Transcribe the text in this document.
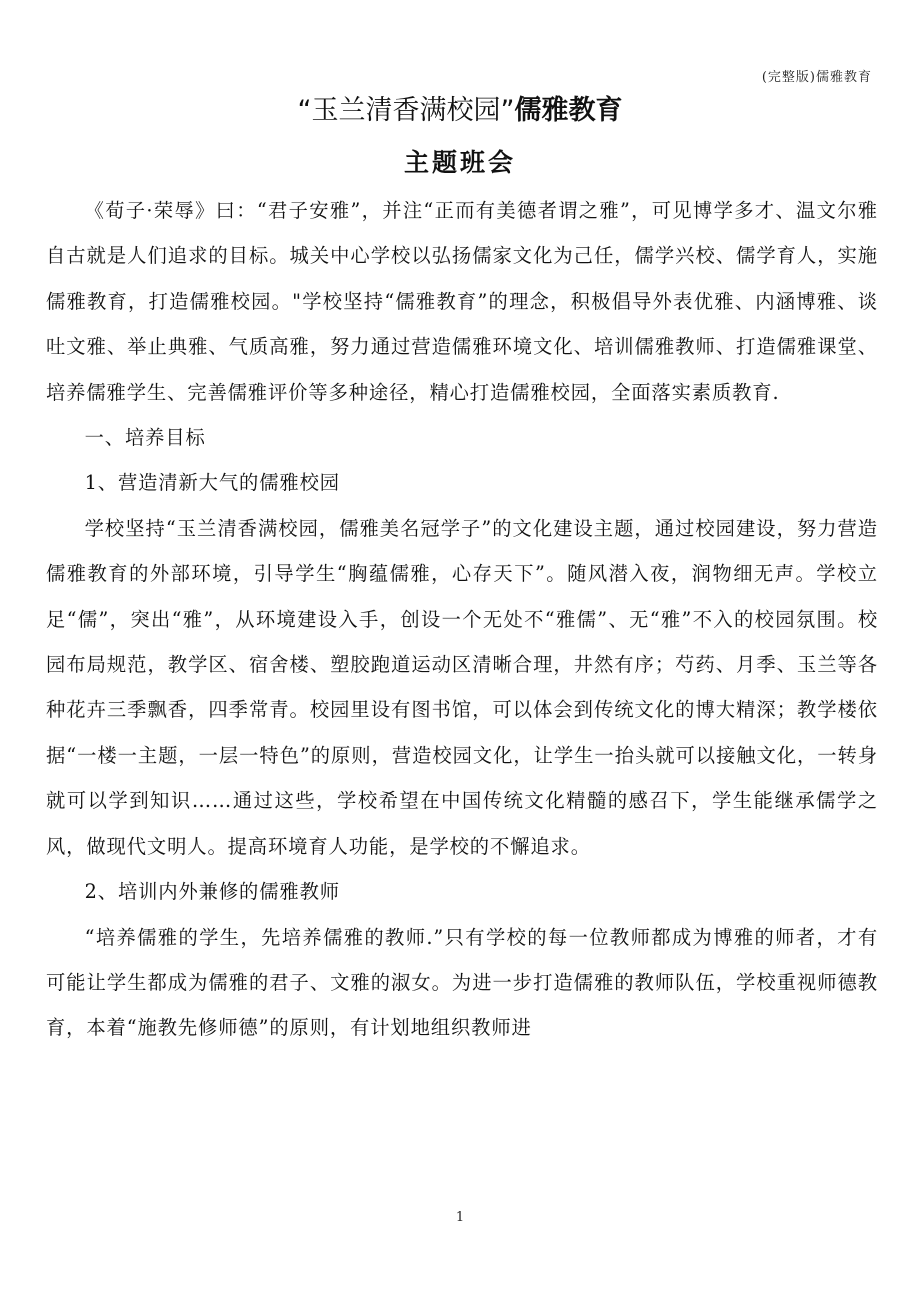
(完整版)儒雅教育
“玉兰清香满校园”儒雅教育
主题班会

《荀子·荣辱》曰：“君子安雅”，并注“正而有美德者谓之雅”，可见博学多才、温文尔雅自古就是人们追求的目标。城关中心学校以弘扬儒家文化为己任，儒学兴校、儒学育人，实施儒雅教育，打造儒雅校园。"学校坚持“儒雅教育”的理念，积极倡导外表优雅、内涵博雅、谈吐文雅、举止典雅、气质高雅，努力通过营造儒雅环境文化、培训儒雅教师、打造儒雅课堂、培养儒雅学生、完善儒雅评价等多种途径，精心打造儒雅校园，全面落实素质教育.

一、培养目标

1、营造清新大气的儒雅校园

学校坚持“玉兰清香满校园，儒雅美名冠学子”的文化建设主题，通过校园建设，努力营造儒雅教育的外部环境，引导学生“胸蕴儒雅，心存天下”。随风潜入夜，润物细无声。学校立足“儒”，突出“雅”，从环境建设入手，创设一个无处不“雅儒”、无“雅”不入的校园氛围。校园布局规范，教学区、宿舍楼、塑胶跑道运动区清晰合理，井然有序；芍药、月季、玉兰等各种花卉三季飘香，四季常青。校园里设有图书馆，可以体会到传统文化的博大精深；教学楼依据“一楼一主题，一层一特色”的原则，营造校园文化，让学生一抬头就可以接触文化，一转身就可以学到知识……通过这些，学校希望在中国传统文化精髓的感召下，学生能继承儒学之风，做现代文明人。提高环境育人功能，是学校的不懈追求。

2、培训内外兼修的儒雅教师

“培养儒雅的学生，先培养儒雅的教师.”只有学校的每一位教师都成为博雅的师者，才有可能让学生都成为儒雅的君子、文雅的淑女。为进一步打造儒雅的教师队伍，学校重视师德教育，本着“施教先修师德”的原则，有计划地组织教师进

1
